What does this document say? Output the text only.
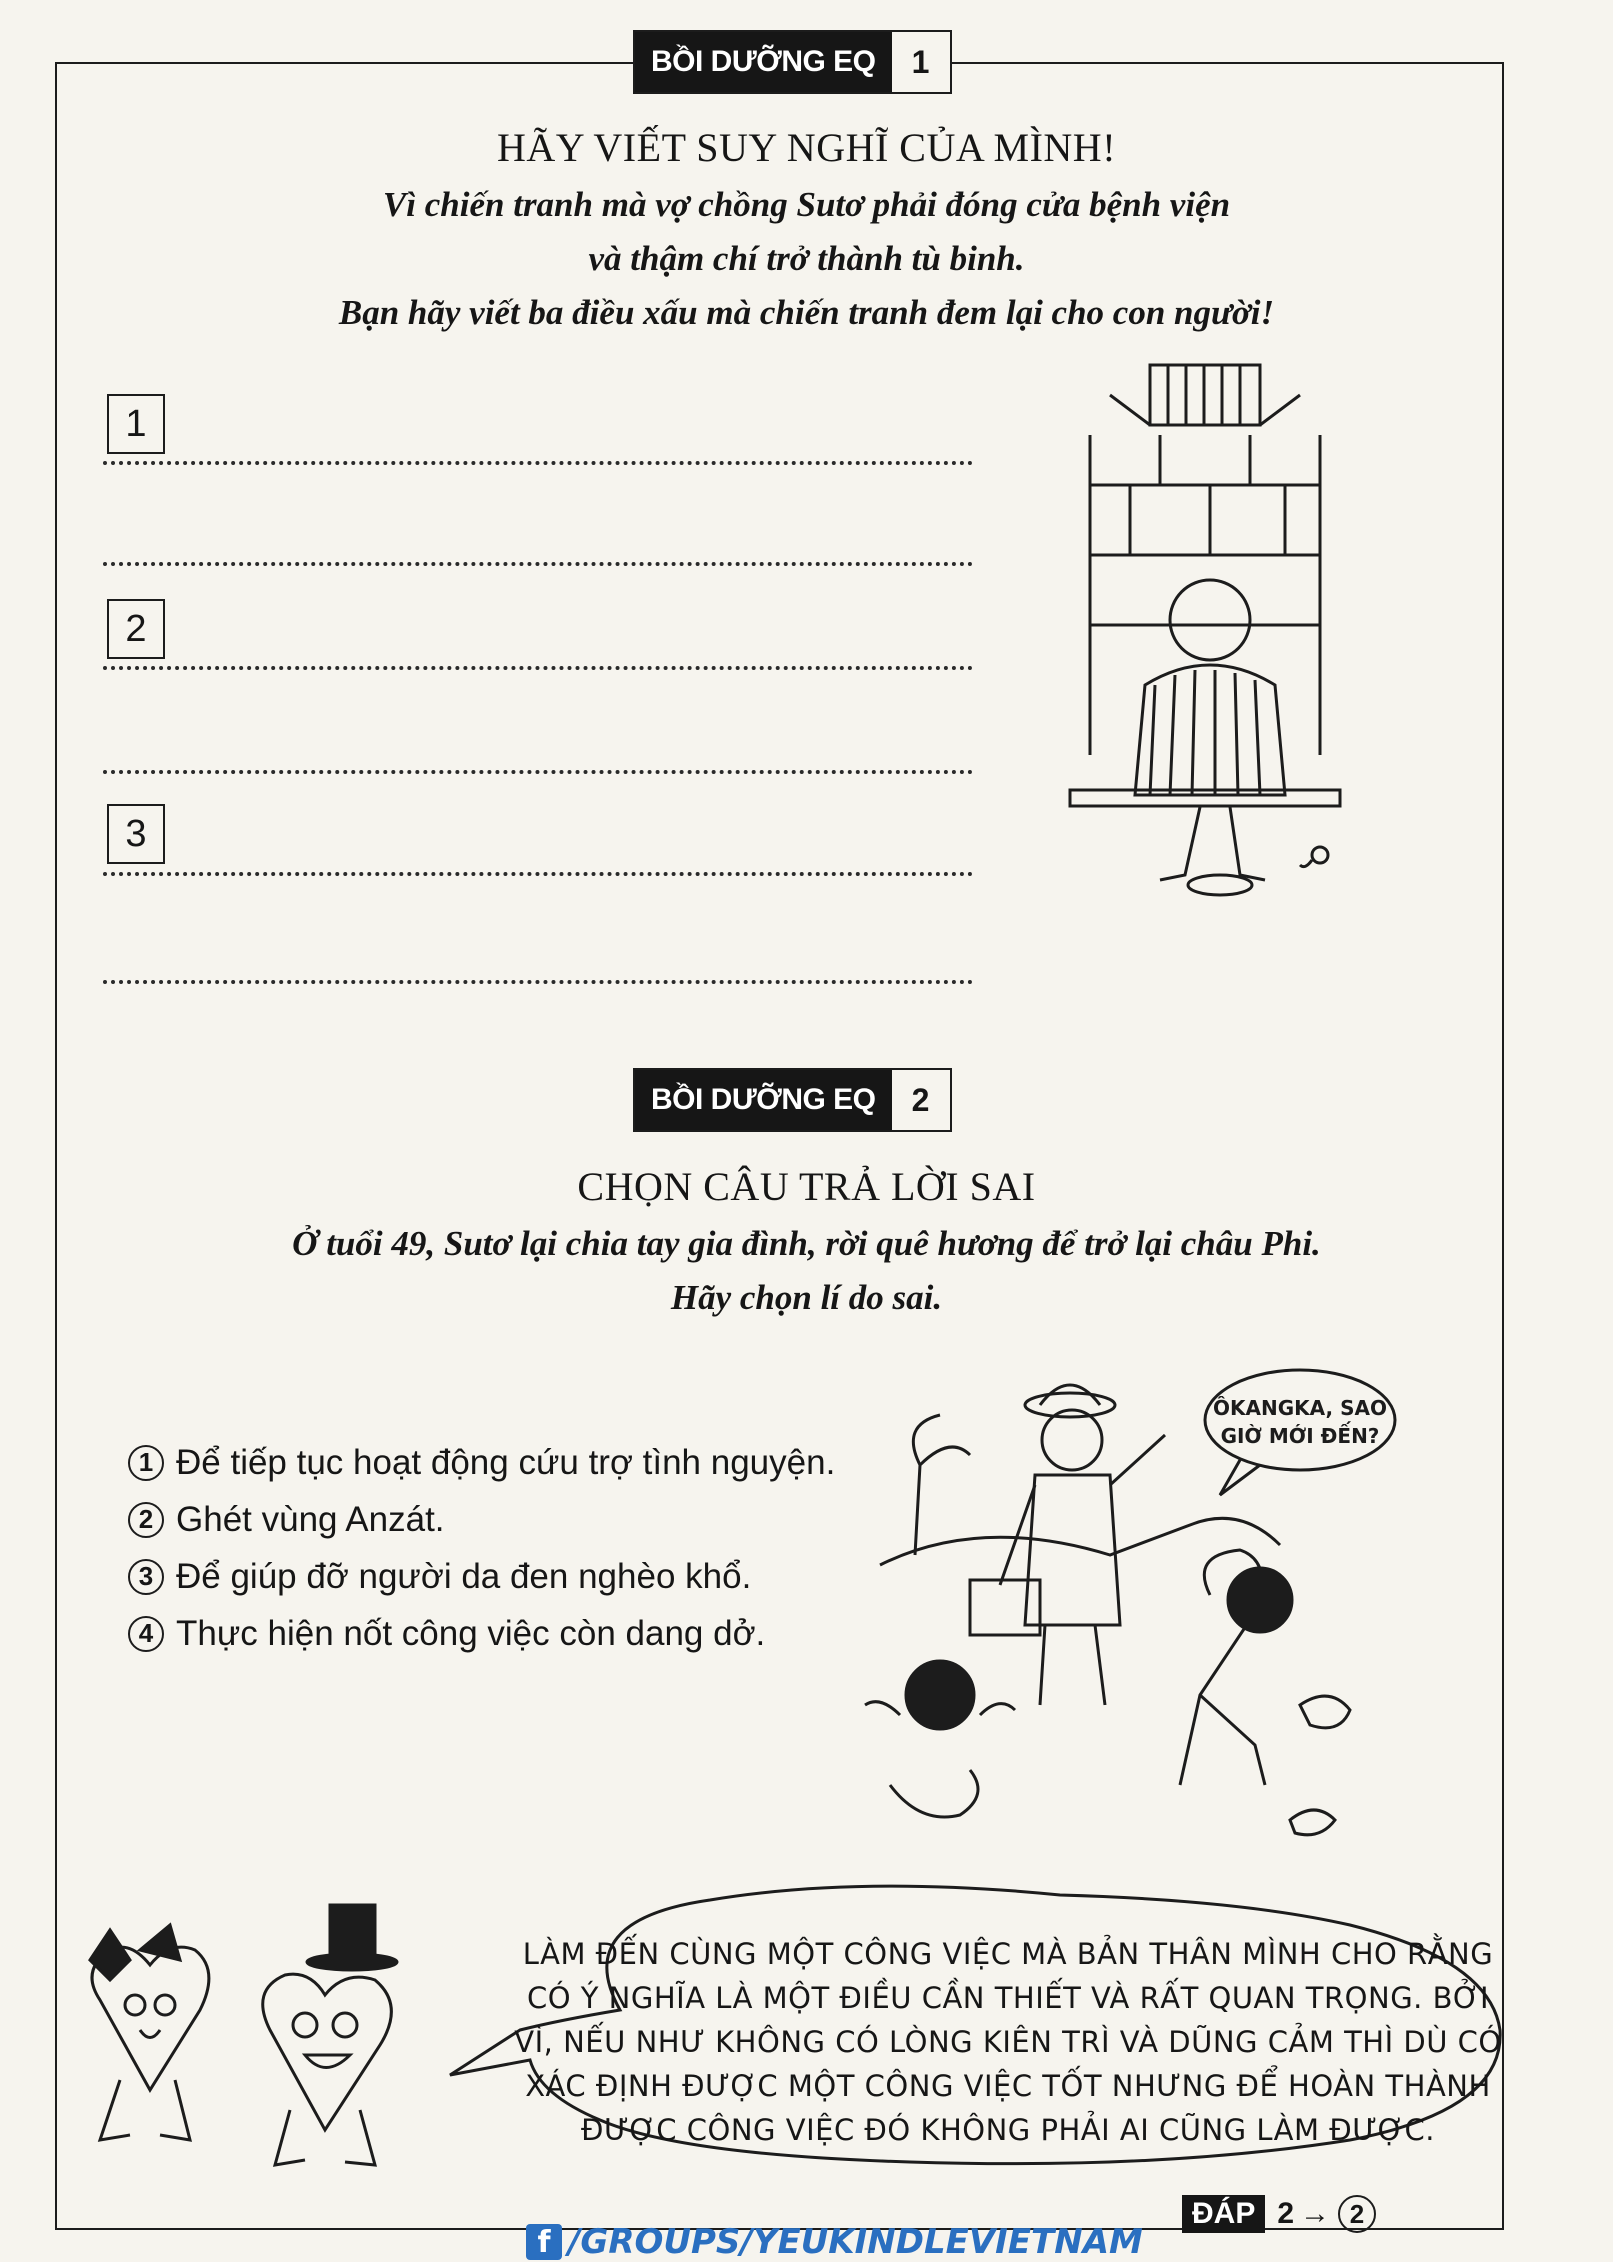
BỒI DƯỠNG EQ	1
HÃY VIẾT SUY NGHĨ CỦA MÌNH!
Vì chiến tranh mà vợ chồng Sutơ phải đóng cửa bệnh viện
và thậm chí trở thành tù binh.
Bạn hãy viết ba điều xấu mà chiến tranh đem lại cho con người!
1
2
3
BỒI DƯỠNG EQ	2
CHỌN CÂU TRẢ LỜI SAI
Ở tuổi 49, Sutơ lại chia tay gia đình, rời quê hương để trở lại châu Phi.
Hãy chọn lí do sai.
1 Để tiếp tục hoạt động cứu trợ tình nguyện.
2 Ghét vùng Anzát.
3 Để giúp đỡ người da đen nghèo khổ.
4 Thực hiện nốt công việc còn dang dở.
ÔKANGKA, SAO
GIỜ MỚI ĐẾN?
LÀM ĐẾN CÙNG MỘT CÔNG VIỆC MÀ BẢN THÂN MÌNH CHO RẰNG
CÓ Ý NGHĨA LÀ MỘT ĐIỀU CẦN THIẾT VÀ RẤT QUAN TRỌNG. BỞI
VÌ, NẾU NHƯ KHÔNG CÓ LÒNG KIÊN TRÌ VÀ DŨNG CẢM THÌ DÙ CÓ
XÁC ĐỊNH ĐƯỢC MỘT CÔNG VIỆC TỐT NHƯNG ĐỂ HOÀN THÀNH
ĐƯỢC CÔNG VIỆC ĐÓ KHÔNG PHẢI AI CŨNG LÀM ĐƯỢC.
ĐÁP 2 → 2
f /GROUPS/YEUKINDLEVIETNAM
